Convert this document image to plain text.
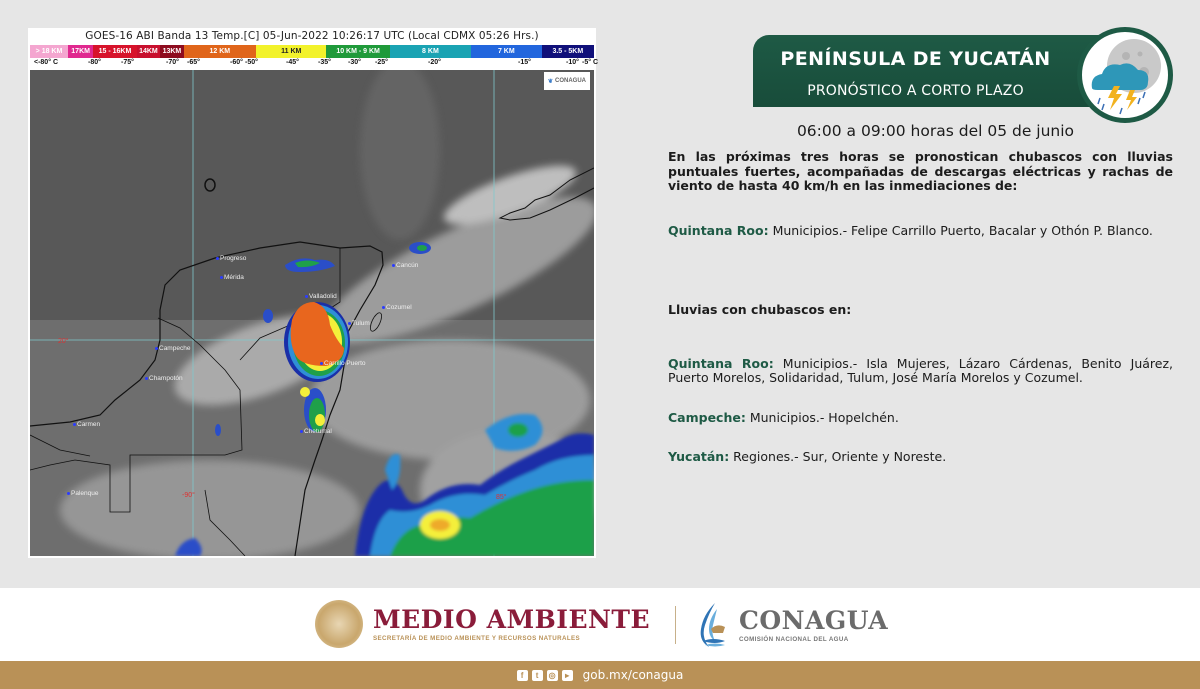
GOES-16 ABI Banda 13 Temp.[C] 05-Jun-2022 10:26:17 UTC (Local CDMX 05:26 Hrs.)
> 18 KM	17KM	15 - 16KM	14KM 13KM	12 KM	11 KM	10 KM - 9 KM	8 KM	7 KM	3.5 - 5KM
<-80° C	-80°	-75°	-70° -65°	-60° -50°	-45°	-35° -30° -25°	-20°	-15°	-10° -5° C
❦ CONAGUA
Progreso
Mérida
Valladolid
Cancún
Cozumel
Tulum
Campeche
Champotón
Carrillo Puerto
Chetumal
Carmen
Palenque
20°
-90°	85°
PENÍNSULA DE YUCATÁN
PRONÓSTICO A CORTO PLAZO
06:00 a 09:00 horas del 05 de junio

En las próximas tres horas se pronostican chubascos con lluvias puntuales fuertes, acompañadas de descargas eléctricas y rachas de viento de hasta 40 km/h en las inmediaciones de:

Quintana Roo: Municipios.- Felipe Carrillo Puerto, Bacalar y Othón P. Blanco.

Lluvias con chubascos en:

Quintana Roo: Municipios.- Isla Mujeres, Lázaro Cárdenas, Benito Juárez, Puerto Morelos, Solidaridad, Tulum, José María Morelos y Cozumel.

Campeche: Municipios.- Hopelchén.

Yucatán: Regiones.- Sur, Oriente y Noreste.

MEDIO AMBIENTE
SECRETARÍA DE MEDIO AMBIENTE Y RECURSOS NATURALES
CONAGUA
COMISIÓN NACIONAL DEL AGUA
f	t	◎	▸ gob.mx/conagua
